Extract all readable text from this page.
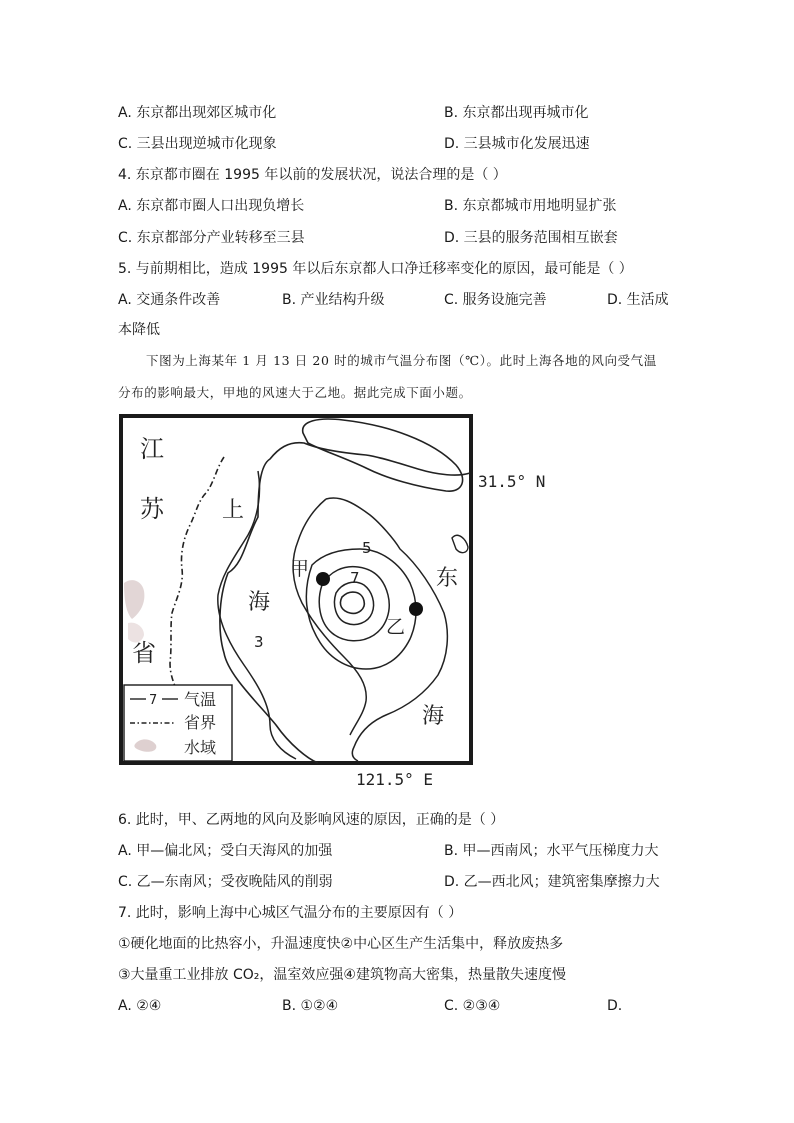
A. 东京都出现郊区城市化	B. 东京都出现再城市化
C. 三县出现逆城市化现象	D. 三县城市化发展迅速
4. 东京都市圈在 1995 年以前的发展状况，说法合理的是（ ）
A. 东京都市圈人口出现负增长	B. 东京都城市用地明显扩张
C. 东京都部分产业转移至三县	D. 三县的服务范围相互嵌套
5. 与前期相比，造成 1995 年以后东京都人口净迁移率变化的原因，最可能是（ ）
A. 交通条件改善	B. 产业结构升级	C. 服务设施完善	D. 生活成
本降低
下图为上海某年 1 月 13 日 20 时的城市气温分布图（℃）。此时上海各地的风向受气温
分布的影响最大，甲地的风速大于乙地。据此完成下面小题。
江
苏
省
上
海
东
海
甲
乙
5
7
3
31.5° N
121.5° E
7 气温
省界
水域
6. 此时，甲、乙两地的风向及影响风速的原因，正确的是（ ）
A. 甲—偏北风；受白天海风的加强	B. 甲—西南风；水平气压梯度力大
C. 乙—东南风；受夜晚陆风的削弱	D. 乙—西北风；建筑密集摩擦力大
7. 此时，影响上海中心城区气温分布的主要原因有（ ）
①硬化地面的比热容小，升温速度快②中心区生产生活集中，释放废热多
③大量重工业排放 CO₂，温室效应强④建筑物高大密集，热量散失速度慢
A. ②④	B. ①②④	C. ②③④	D.
